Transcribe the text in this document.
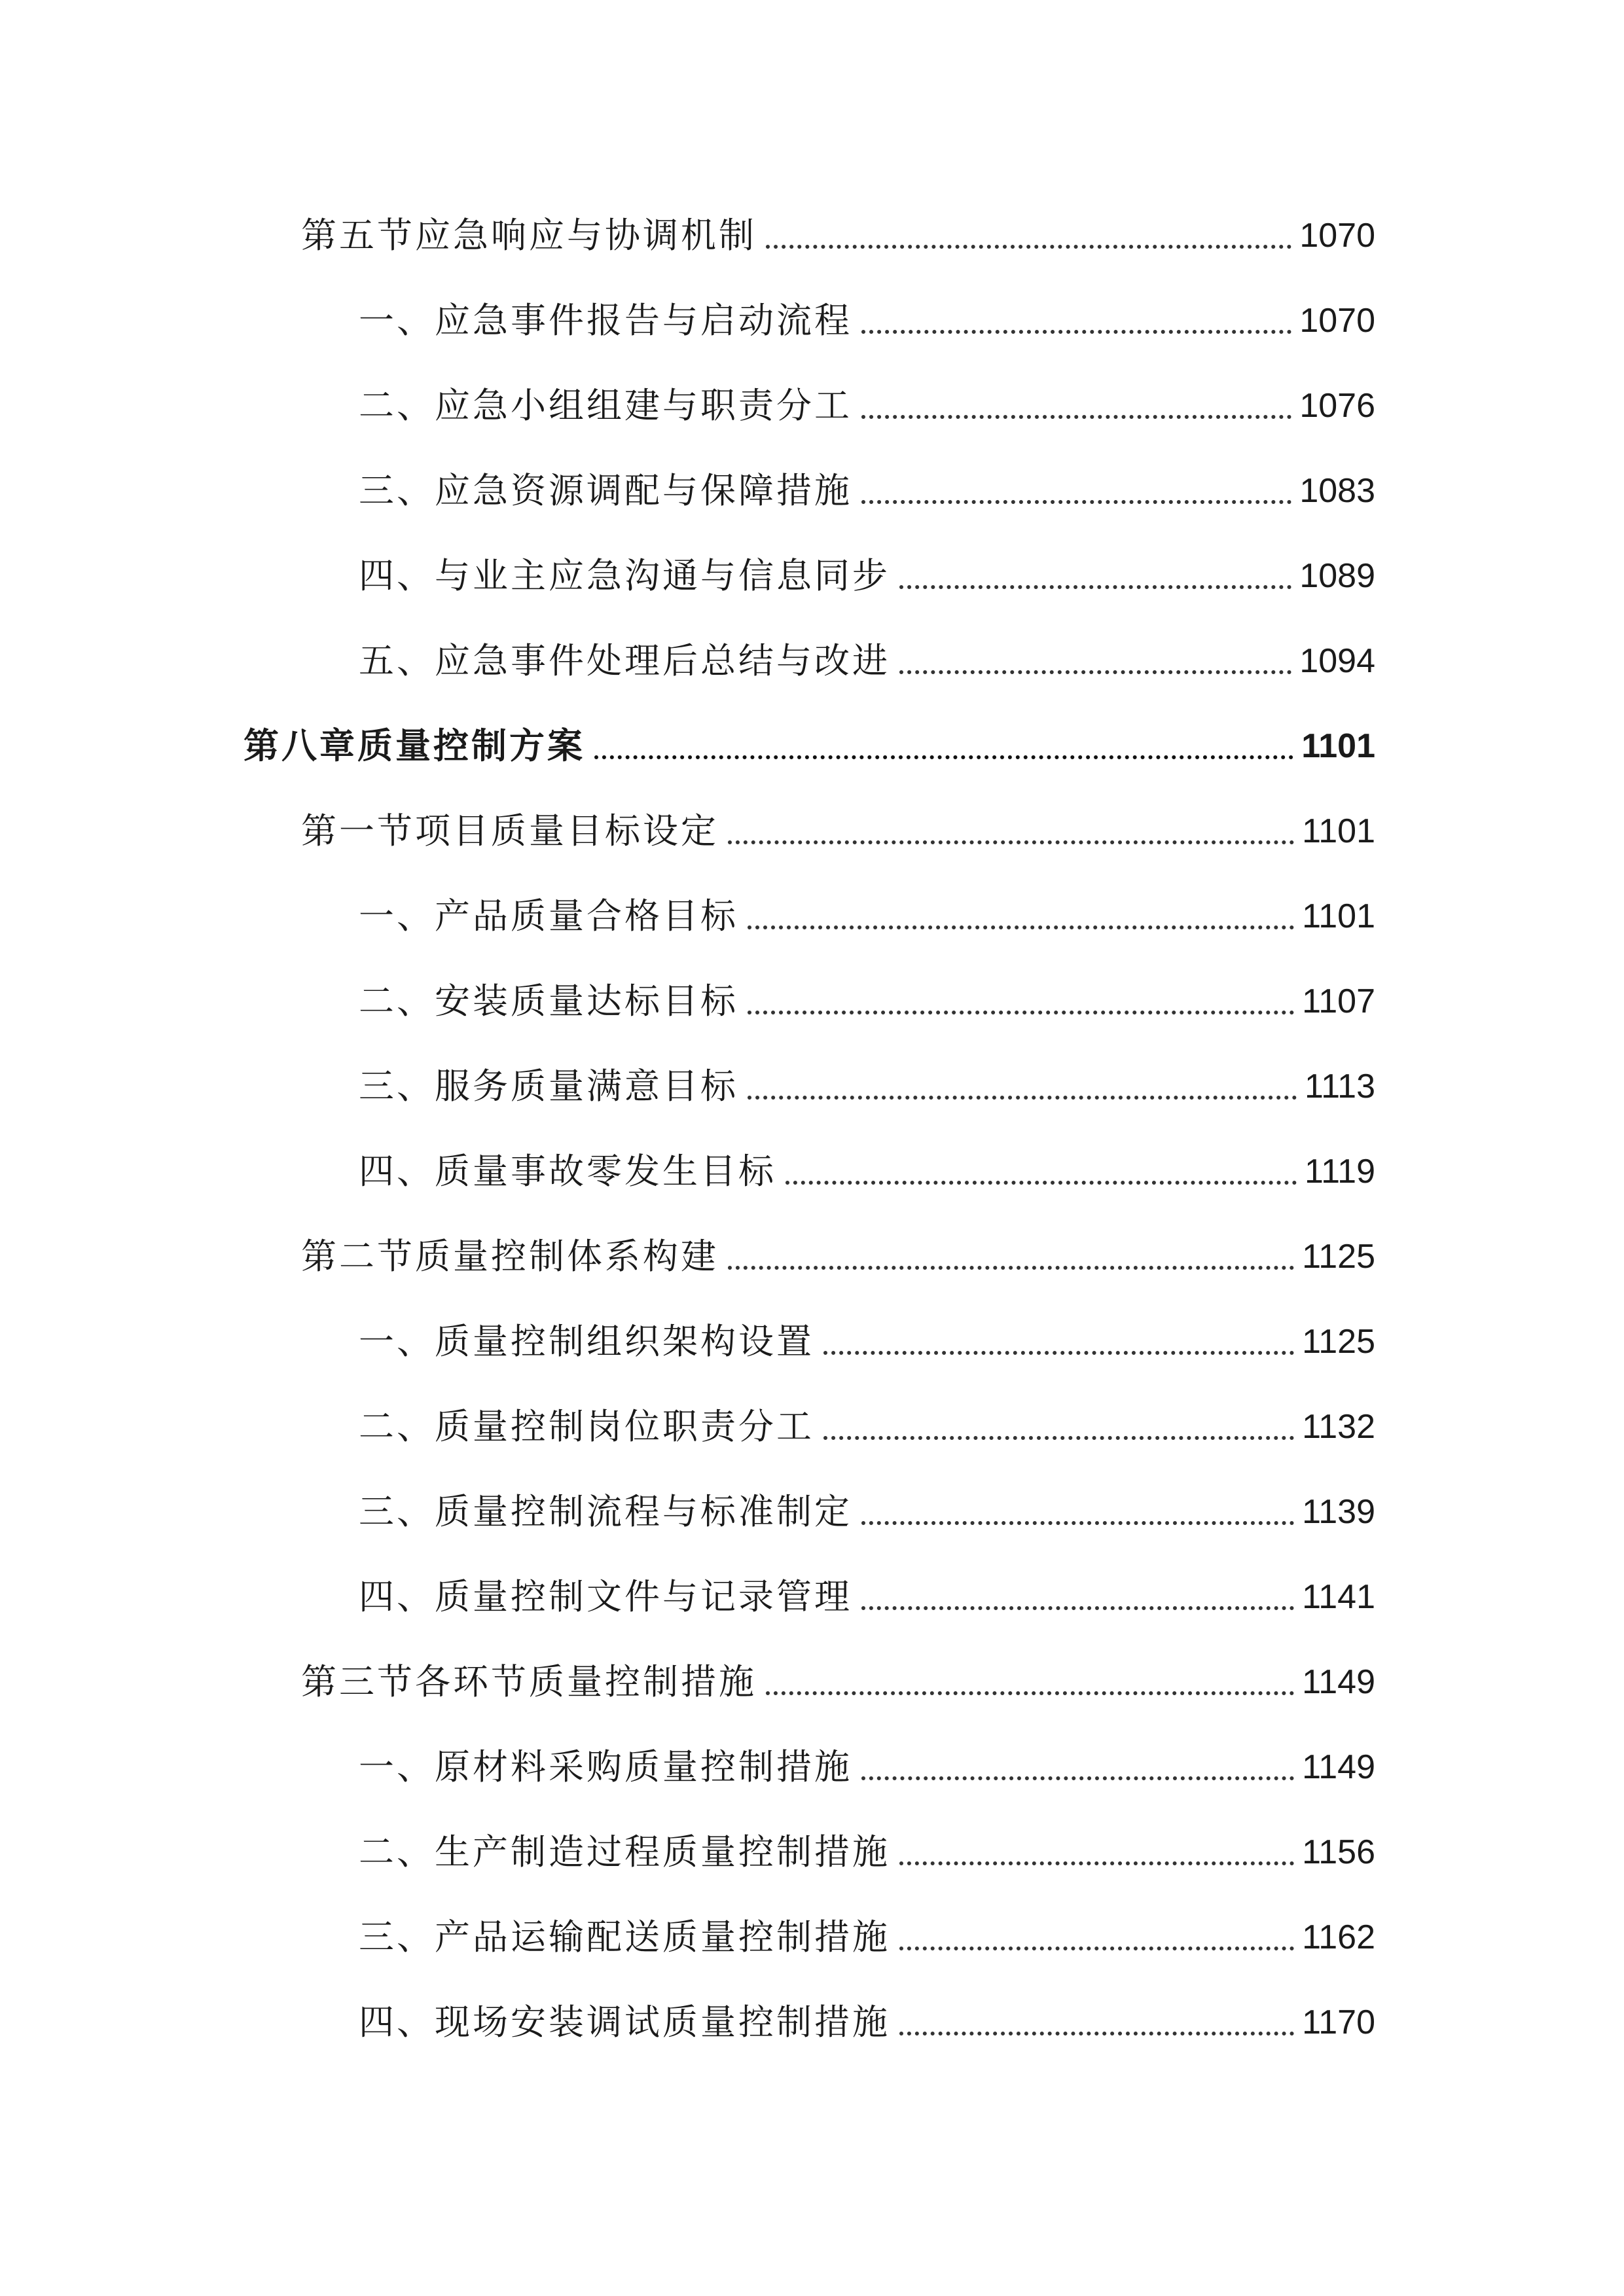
第五节应急响应与协调机制	1070
一、应急事件报告与启动流程	1070
二、应急小组组建与职责分工	1076
三、应急资源调配与保障措施	1083
四、与业主应急沟通与信息同步	1089
五、应急事件处理后总结与改进	1094
第八章质量控制方案	1101
第一节项目质量目标设定	1101
一、产品质量合格目标	1101
二、安装质量达标目标	1107
三、服务质量满意目标	1113
四、质量事故零发生目标	1119
第二节质量控制体系构建	1125
一、质量控制组织架构设置	1125
二、质量控制岗位职责分工	1132
三、质量控制流程与标准制定	1139
四、质量控制文件与记录管理	1141
第三节各环节质量控制措施	1149
一、原材料采购质量控制措施	1149
二、生产制造过程质量控制措施	1156
三、产品运输配送质量控制措施	1162
四、现场安装调试质量控制措施	1170
